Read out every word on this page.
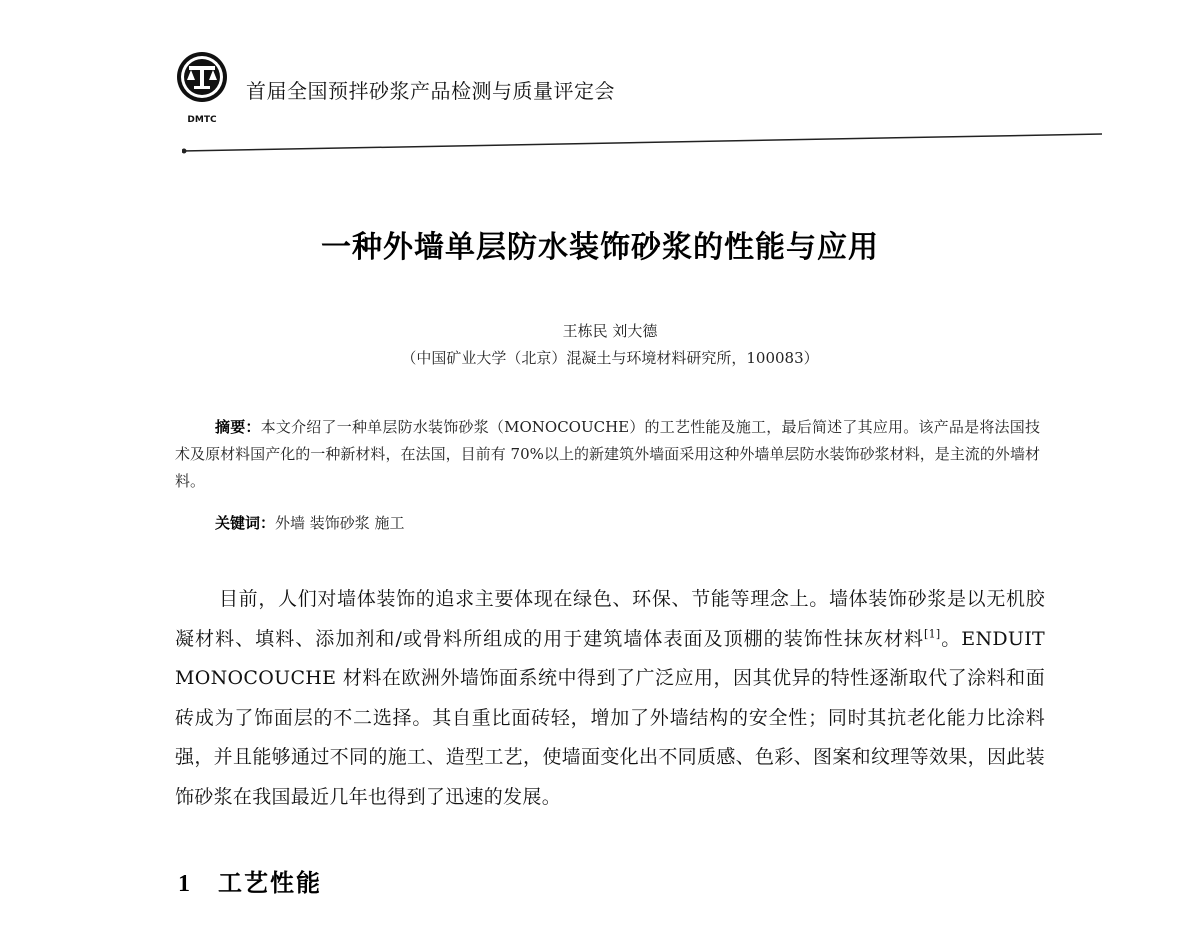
DMTC
首届全国预拌砂浆产品检测与质量评定会
一种外墙单层防水装饰砂浆的性能与应用
王栋民 刘大德
（中国矿业大学（北京）混凝土与环境材料研究所，100083）
摘要：本文介绍了一种单层防水装饰砂浆（MONOCOUCHE）的工艺性能及施工，最后简述了其应用。该产品是将法国技术及原材料国产化的一种新材料，在法国，目前有 70%以上的新建筑外墙面采用这种外墙单层防水装饰砂浆材料，是主流的外墙材料。
关键词：外墙 装饰砂浆 施工
目前，人们对墙体装饰的追求主要体现在绿色、环保、节能等理念上。墙体装饰砂浆是以无机胶凝材料、填料、添加剂和/或骨料所组成的用于建筑墙体表面及顶棚的装饰性抹灰材料[1]。ENDUIT MONOCOUCHE 材料在欧洲外墙饰面系统中得到了广泛应用，因其优异的特性逐渐取代了涂料和面砖成为了饰面层的不二选择。其自重比面砖轻，增加了外墙结构的安全性；同时其抗老化能力比涂料强，并且能够通过不同的施工、造型工艺，使墙面变化出不同质感、色彩、图案和纹理等效果，因此装饰砂浆在我国最近几年也得到了迅速的发展。
1 工艺性能
